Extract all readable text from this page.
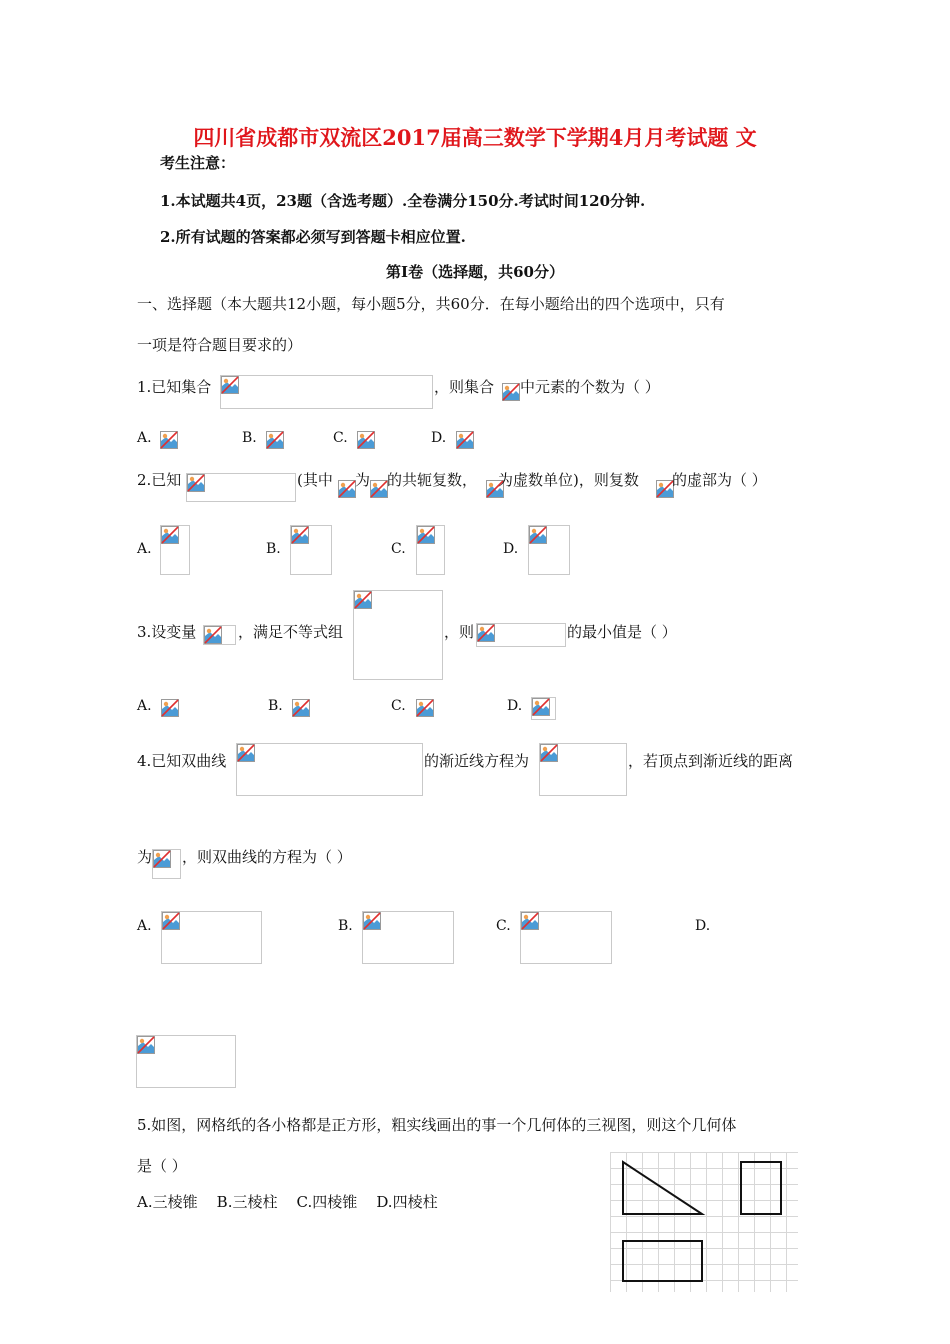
四川省成都市双流区2017届高三数学下学期4月月考试题 文
考生注意：
1.本试题共4页，23题（含选考题）.全卷满分150分.考试时间120分钟.
2.所有试题的答案都必须写到答题卡相应位置.
第Ⅰ卷（选择题，共60分）
一、选择题（本大题共12小题，每小题5分，共60分．在每小题给出的四个选项中，只有
一项是符合题目要求的）
1.已知集合	，则集合 中元素的个数为（ ）
A.	B.	C.	D.
2.已知	(其中 为 的共轭复数， 为虚数单位)，则复数 的虚部为（ ）
A.	B.	C.	D.
3.设变量	，满足不等式组	，则	的最小值是（ ）
A.	B.	C.	D.
4.已知双曲线	的渐近线方程为	，若顶点到渐近线的距离
为 ，则双曲线的方程为（ ）
A.	B.	C.	D.
5.如图，网格纸的各小格都是正方形，粗实线画出的事一个几何体的三视图，则这个几何体
是（ ）
A.三棱锥    B.三棱柱    C.四棱锥    D.四棱柱
